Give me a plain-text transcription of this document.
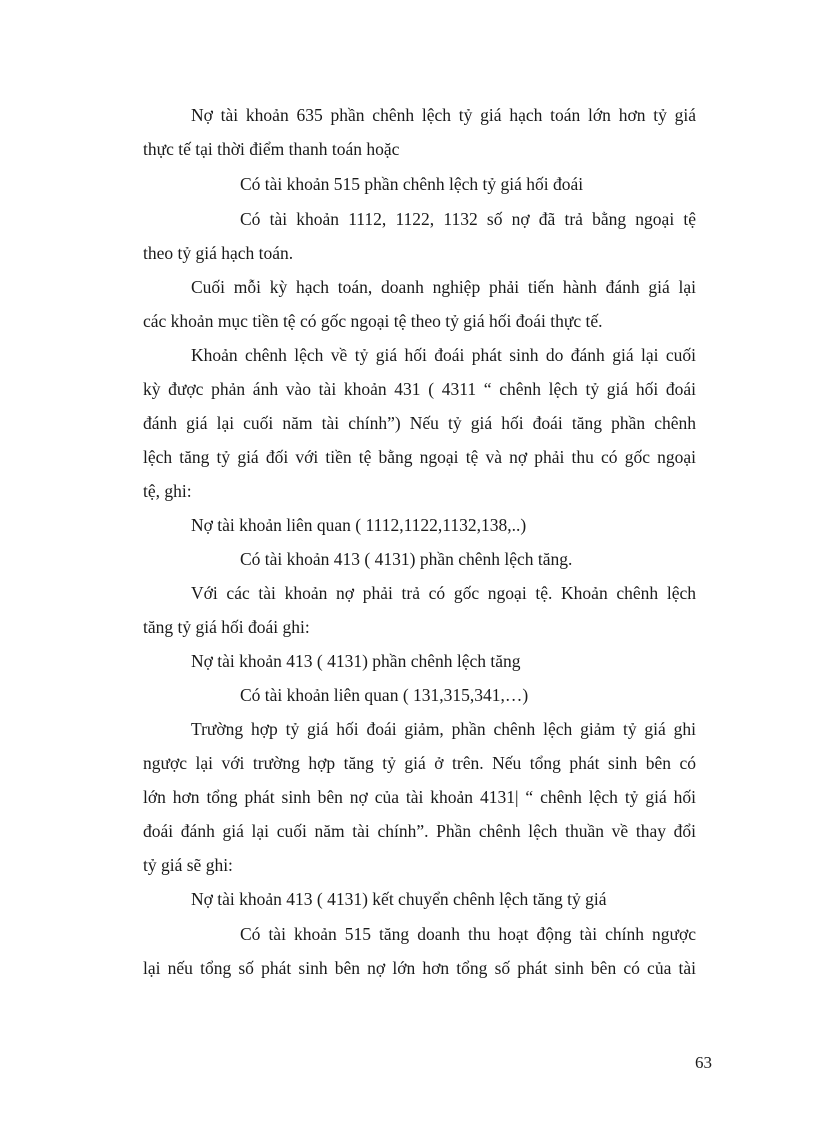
Nợ tài khoản 635 phần chênh lệch tỷ giá hạch toán lớn hơn tỷ giá
thực tế tại thời điểm thanh toán hoặc
Có tài khoản 515 phần chênh lệch tỷ giá hối đoái
Có tài khoản 1112, 1122, 1132 số nợ đã trả bằng ngoại tệ
theo tỷ giá hạch toán.
Cuối mỗi kỳ hạch toán, doanh nghiệp phải tiến hành đánh giá lại
các khoản mục tiền tệ có gốc ngoại tệ theo tỷ giá hối đoái thực tế.
Khoản chênh lệch về tỷ giá hối đoái phát sinh do đánh giá lại cuối
kỳ được phản ánh vào tài khoản 431 ( 4311 “ chênh lệch tỷ giá hối đoái
đánh giá lại cuối năm tài chính”) Nếu tỷ giá hối đoái tăng phần chênh
lệch tăng tỷ giá đối với tiền tệ bằng ngoại tệ và nợ phải thu có gốc ngoại
tệ, ghi:
Nợ tài khoản liên quan ( 1112,1122,1132,138,..)
Có tài khoản 413 ( 4131) phần chênh lệch tăng.
Với các tài khoản nợ phải trả có gốc ngoại tệ. Khoản chênh lệch
tăng tỷ giá hối đoái ghi:
Nợ tài khoản 413 ( 4131) phần chênh lệch tăng
Có tài khoản liên quan ( 131,315,341,…)
Trường hợp tỷ giá hối đoái giảm, phần chênh lệch giảm tỷ giá ghi
ngược lại với trường hợp tăng tỷ giá ở trên. Nếu tổng phát sinh bên có
lớn hơn tổng phát sinh bên nợ của tài khoản 4131| “ chênh lệch tỷ giá hối
đoái đánh giá lại cuối năm tài chính”. Phần chênh lệch thuần về thay đổi
tỷ giá sẽ ghi:
Nợ tài khoản 413 ( 4131) kết chuyển chênh lệch tăng tỷ giá
Có tài khoản 515 tăng doanh thu hoạt động tài chính ngược
lại nếu tổng số phát sinh bên nợ lớn hơn tổng số phát sinh bên có của tài
63
